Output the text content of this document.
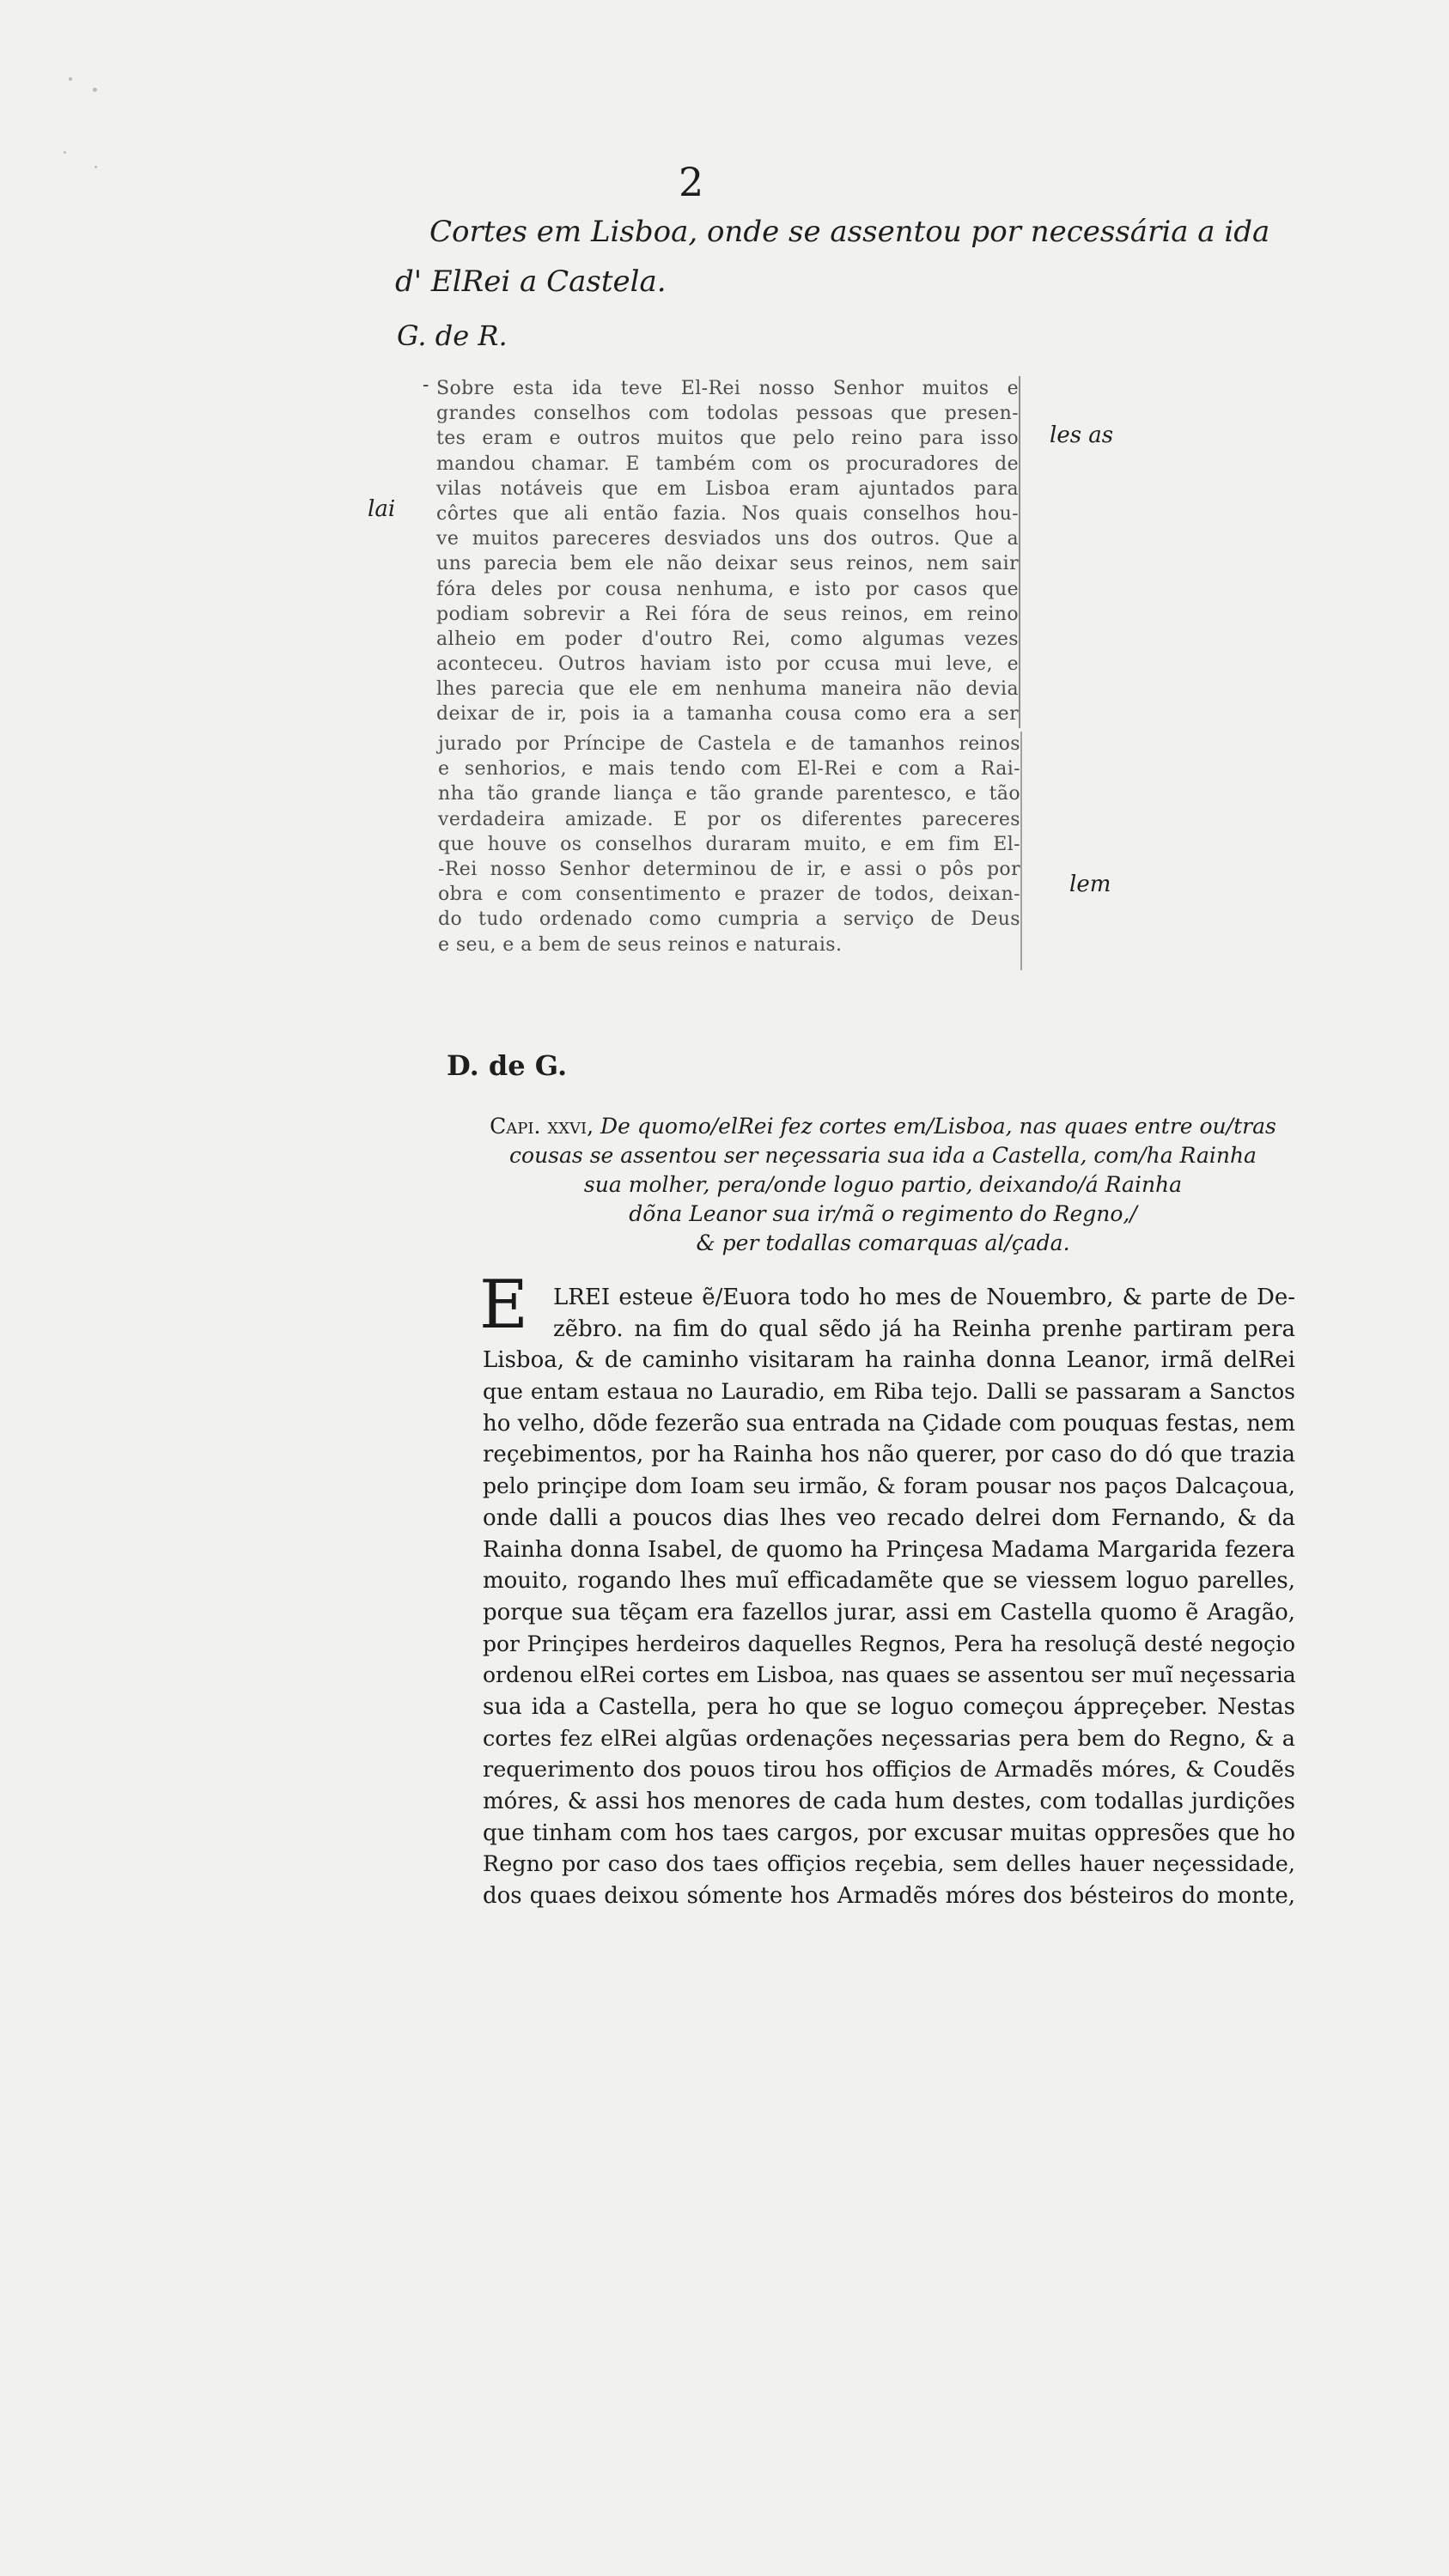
2
Cortes em Lisboa, onde se assentou por necessária a ida
d' ElRei a Castela.
G. de R.
les as
lai
lem
D. de G.
- Sobre esta ida teve El-Rei nosso Senhor muitos e
grandes conselhos com todolas pessoas que presen-
tes eram e outros muitos que pelo reino para isso
mandou chamar. E também com os procuradores de
vilas notáveis que em Lisboa eram ajuntados para
côrtes que ali então fazia. Nos quais conselhos hou-
ve muitos pareceres desviados uns dos outros. Que a
uns parecia bem ele não deixar seus reinos, nem sair
fóra deles por cousa nenhuma, e isto por casos que
podiam sobrevir a Rei fóra de seus reinos, em reino
alheio em poder d'outro Rei, como algumas vezes
aconteceu. Outros haviam isto por ccusa mui leve, e
lhes parecia que ele em nenhuma maneira não devia
deixar de ir, pois ia a tamanha cousa como era a ser
jurado por Príncipe de Castela e de tamanhos reinos
e senhorios, e mais tendo com El-Rei e com a Rai-
nha tão grande liança e tão grande parentesco, e tão
verdadeira amizade. E por os diferentes pareceres
que houve os conselhos duraram muito, e em fim El-
-Rei nosso Senhor determinou de ir, e assi o pôs por
obra e com consentimento e prazer de todos, deixan-
do tudo ordenado como cumpria a serviço de Deus
e seu, e a bem de seus reinos e naturais.
Capi. xxvi, De quomo/elRei fez cortes em/Lisboa, nas quaes entre ou/tras
cousas se assentou ser neçessaria sua ida a Castella, com/ha Rainha
sua molher, pera/onde loguo partio, deixando/á Rainha
dõna Leanor sua ir/mã o regimento do Regno,/
& per todallas comarquas al/çada.
E	LREI esteue ẽ/Euora todo ho mes de Nouembro, & parte de De-
zẽbro. na fim do qual sẽdo já ha Reinha prenhe partiram pera
Lisboa, & de caminho visitaram ha rainha donna Leanor, irmã delRei
que entam estaua no Lauradio, em Riba tejo. Dalli se passaram a Sanctos
ho velho, dõde fezerão sua entrada na Çidade com pouquas festas, nem
reçebimentos, por ha Rainha hos não querer, por caso do dó que trazia
pelo prinçipe dom Ioam seu irmão, & foram pousar nos paços Dalcaçoua,
onde dalli a poucos dias lhes veo recado delrei dom Fernando, & da
Rainha donna Isabel, de quomo ha Prinçesa Madama Margarida fezera
mouito, rogando lhes muĩ efficadamẽte que se viessem loguo parelles,
porque sua tẽçam era fazellos jurar, assi em Castella quomo ẽ Aragão,
por Prinçipes herdeiros daquelles Regnos, Pera ha resoluçã desté negoçio
ordenou elRei cortes em Lisboa, nas quaes se assentou ser muĩ neçessaria
sua ida a Castella, pera ho que se loguo começou áppreçeber. Nestas
cortes fez elRei algũas ordenações neçessarias pera bem do Regno, & a
requerimento dos pouos tirou hos offiçios de Armadẽs móres, & Coudẽs
móres, & assi hos menores de cada hum destes, com todallas jurdições
que tinham com hos taes cargos, por excusar muitas oppresões que ho
Regno por caso dos taes offiçios reçebia, sem delles hauer neçessidade,
dos quaes deixou sómente hos Armadẽs móres dos bésteiros do monte,
